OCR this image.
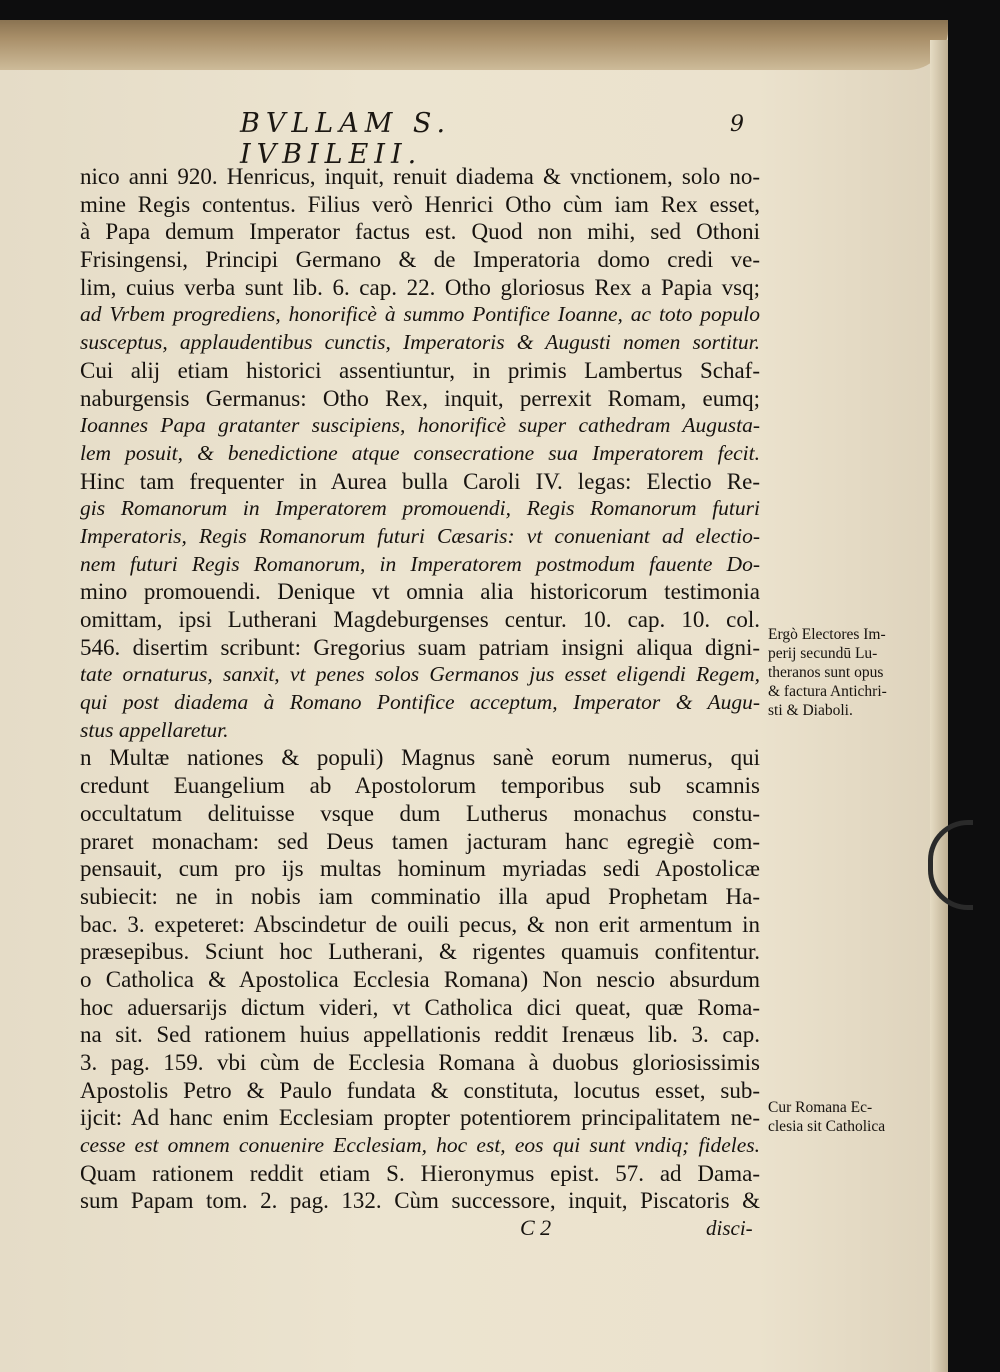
BVLLAM S. IVBILEII.
9
nico anni 920. Henricus, inquit, renuit diadema & vnctionem, solo no-
mine Regis contentus. Filius verò Henrici Otho cùm iam Rex esset,
à Papa demum Imperator factus est. Quod non mihi, sed Othoni
Frisingensi, Principi Germano & de Imperatoria domo credi ve-
lim, cuius verba sunt lib. 6. cap. 22. Otho gloriosus Rex a Papia vsq;
ad Vrbem progrediens, honorificè à summo Pontifice Ioanne, ac toto populo
susceptus, applaudentibus cunctis, Imperatoris & Augusti nomen sortitur.
Cui alij etiam historici assentiuntur, in primis Lambertus Schaf-
naburgensis Germanus: Otho Rex, inquit, perrexit Romam, eumq;
Ioannes Papa gratanter suscipiens, honorificè super cathedram Augusta-
lem posuit, & benedictione atque consecratione sua Imperatorem fecit.
Hinc tam frequenter in Aurea bulla Caroli IV. legas: Electio Re-
gis Romanorum in Imperatorem promouendi, Regis Romanorum futuri
Imperatoris, Regis Romanorum futuri Cæsaris: vt conueniant ad electio-
nem futuri Regis Romanorum, in Imperatorem postmodum fauente Do-
mino promouendi. Denique vt omnia alia historicorum testimonia
omittam, ipsi Lutherani Magdeburgenses centur. 10. cap. 10. col.
546. disertim scribunt: Gregorius suam patriam insigni aliqua digni-
tate ornaturus, sanxit, vt penes solos Germanos jus esset eligendi Regem,
qui post diadema à Romano Pontifice acceptum, Imperator & Augu-
stus appellaretur.
n Multæ nationes & populi) Magnus sanè eorum numerus, qui
credunt Euangelium ab Apostolorum temporibus sub scamnis
occultatum delituisse vsque dum Lutherus monachus constu-
praret monacham: sed Deus tamen jacturam hanc egregiè com-
pensauit, cum pro ijs multas hominum myriadas sedi Apostolicæ
subiecit: ne in nobis iam comminatio illa apud Prophetam Ha-
bac. 3. expeteret: Abscindetur de ouili pecus, & non erit armentum in
præsepibus. Sciunt hoc Lutherani, & rigentes quamuis confitentur.
o Catholica & Apostolica Ecclesia Romana) Non nescio absurdum
hoc aduersarijs dictum videri, vt Catholica dici queat, quæ Roma-
na sit. Sed rationem huius appellationis reddit Irenæus lib. 3. cap.
3. pag. 159. vbi cùm de Ecclesia Romana à duobus gloriosissimis
Apostolis Petro & Paulo fundata & constituta, locutus esset, sub-
ijcit: Ad hanc enim Ecclesiam propter potentiorem principalitatem ne-
cesse est omnem conuenire Ecclesiam, hoc est, eos qui sunt vndiq; fideles.
Quam rationem reddit etiam S. Hieronymus epist. 57. ad Dama-
sum Papam tom. 2. pag. 132. Cùm successore, inquit, Piscatoris &
Ergò Electores Im-
perij secundū Lu-
theranos sunt opus
& factura Antichri-
sti & Diaboli.
Cur Romana Ec-
clesia sit Catholica
C 2	disci-
